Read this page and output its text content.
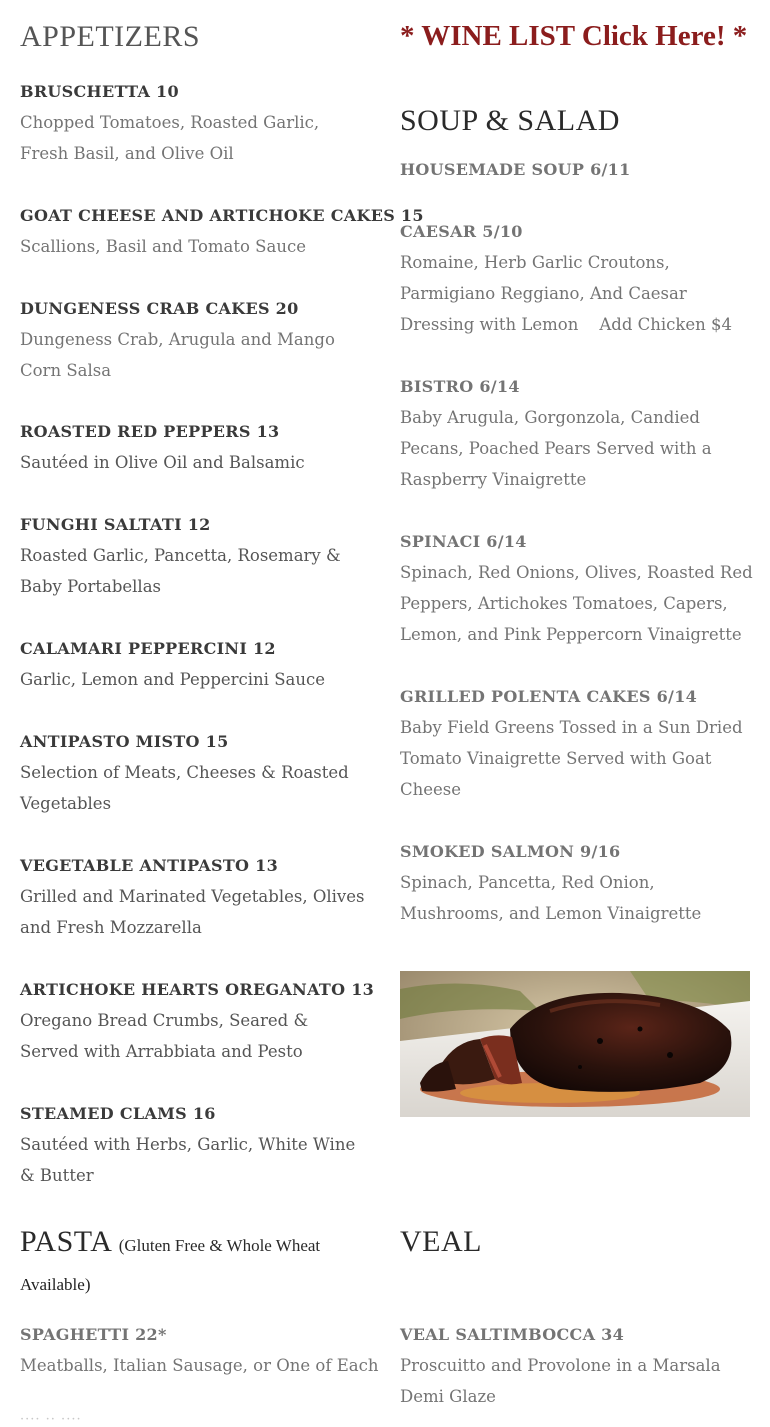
APPETIZERS
BRUSCHETTA 10
Chopped Tomatoes, Roasted Garlic, Fresh Basil, and Olive Oil
GOAT CHEESE AND ARTICHOKE CAKES 15
Scallions, Basil and Tomato Sauce
DUNGENESS CRAB CAKES 20
Dungeness Crab, Arugula and Mango Corn Salsa
ROASTED RED PEPPERS 13
Sautéed in Olive Oil and Balsamic
FUNGHI SALTATI 12
Roasted Garlic, Pancetta, Rosemary & Baby Portabellas
CALAMARI PEPPERCINI 12
Garlic, Lemon and Peppercini Sauce
ANTIPASTO MISTO 15
Selection of Meats, Cheeses & Roasted Vegetables
VEGETABLE ANTIPASTO 13
Grilled and Marinated Vegetables, Olives and Fresh Mozzarella
ARTICHOKE HEARTS OREGANATO 13
Oregano Bread Crumbs, Seared & Served with Arrabbiata and Pesto
STEAMED CLAMS 16
Sautéed with Herbs, Garlic, White Wine & Butter
PASTA (Gluten Free & Whole Wheat
Available)
SPAGHETTI 22*
Meatballs, Italian Sausage, or One of Each
···· ·· ····
* WINE LIST Click Here! *
SOUP & SALAD
HOUSEMADE SOUP 6/11
CAESAR 5/10
Romaine, Herb Garlic Croutons, Parmigiano Reggiano, And Caesar Dressing with Lemon    Add Chicken $4
BISTRO 6/14
Baby Arugula, Gorgonzola, Candied Pecans, Poached Pears Served with a Raspberry Vinaigrette
SPINACI 6/14
Spinach, Red Onions, Olives, Roasted Red Peppers, Artichokes Tomatoes, Capers, Lemon, and Pink Peppercorn Vinaigrette
GRILLED POLENTA CAKES 6/14
Baby Field Greens Tossed in a Sun Dried Tomato Vinaigrette Served with Goat Cheese
SMOKED SALMON 9/16
Spinach, Pancetta, Red Onion, Mushrooms, and Lemon Vinaigrette
VEAL
VEAL SALTIMBOCCA 34
Proscuitto and Provolone in a Marsala Demi Glaze
